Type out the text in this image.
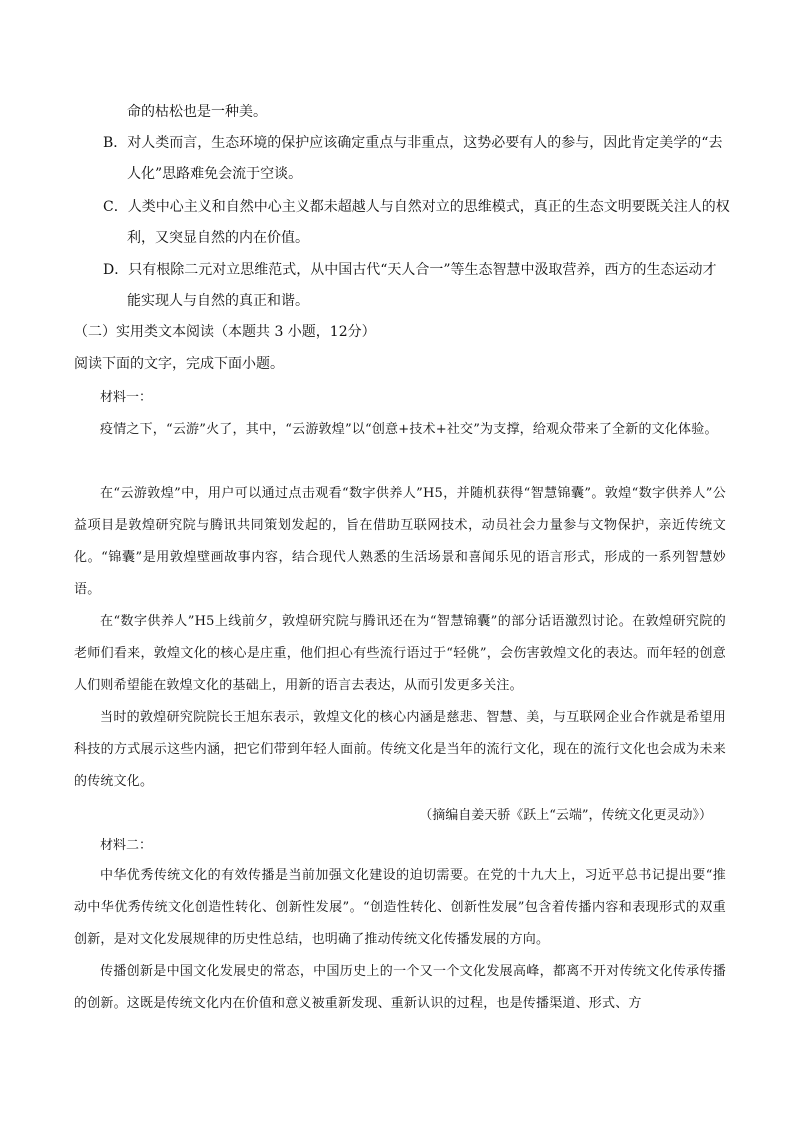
命的枯松也是一种美。
B．对人类而言，生态环境的保护应该确定重点与非重点，这势必要有人的参与，因此肯定美学的“去
人化”思路难免会流于空谈。
C．人类中心主义和自然中心主义都未超越人与自然对立的思维模式，真正的生态文明要既关注人的权
利，又突显自然的内在价值。
D．只有根除二元对立思维范式，从中国古代“天人合一”等生态智慧中汲取营养，西方的生态运动才
能实现人与自然的真正和谐。
（二）实用类文本阅读（本题共 3 小题，12分）
阅读下面的文字，完成下面小题。
材料一：
疫情之下，“云游”火了，其中，“云游敦煌”以“创意+技术+社交”为支撑，给观众带来了全新的文化体验。
在“云游敦煌”中，用户可以通过点击观看“数字供养人”H5，并随机获得“智慧锦囊”。敦煌“数字供养人”公益项目是敦煌研究院与腾讯共同策划发起的，旨在借助互联网技术，动员社会力量参与文物保护，亲近传统文化。“锦囊”是用敦煌壁画故事内容，结合现代人熟悉的生活场景和喜闻乐见的语言形式，形成的一系列智慧妙语。
在“数字供养人”H5上线前夕，敦煌研究院与腾讯还在为“智慧锦囊”的部分话语激烈讨论。在敦煌研究院的老师们看来，敦煌文化的核心是庄重，他们担心有些流行语过于“轻佻”，会伤害敦煌文化的表达。而年轻的创意人们则希望能在敦煌文化的基础上，用新的语言去表达，从而引发更多关注。
当时的敦煌研究院院长王旭东表示，敦煌文化的核心内涵是慈悲、智慧、美，与互联网企业合作就是希望用科技的方式展示这些内涵，把它们带到年轻人面前。传统文化是当年的流行文化，现在的流行文化也会成为未来的传统文化。
（摘编自姜天骄《跃上“云端”，传统文化更灵动》）
材料二：
中华优秀传统文化的有效传播是当前加强文化建设的迫切需要。在党的十九大上，习近平总书记提出要“推动中华优秀传统文化创造性转化、创新性发展”。“创造性转化、创新性发展”包含着传播内容和表现形式的双重创新，是对文化发展规律的历史性总结，也明确了推动传统文化传播发展的方向。
传播创新是中国文化发展史的常态，中国历史上的一个又一个文化发展高峰，都离不开对传统文化传承传播的创新。这既是传统文化内在价值和意义被重新发现、重新认识的过程，也是传播渠道、形式、方
